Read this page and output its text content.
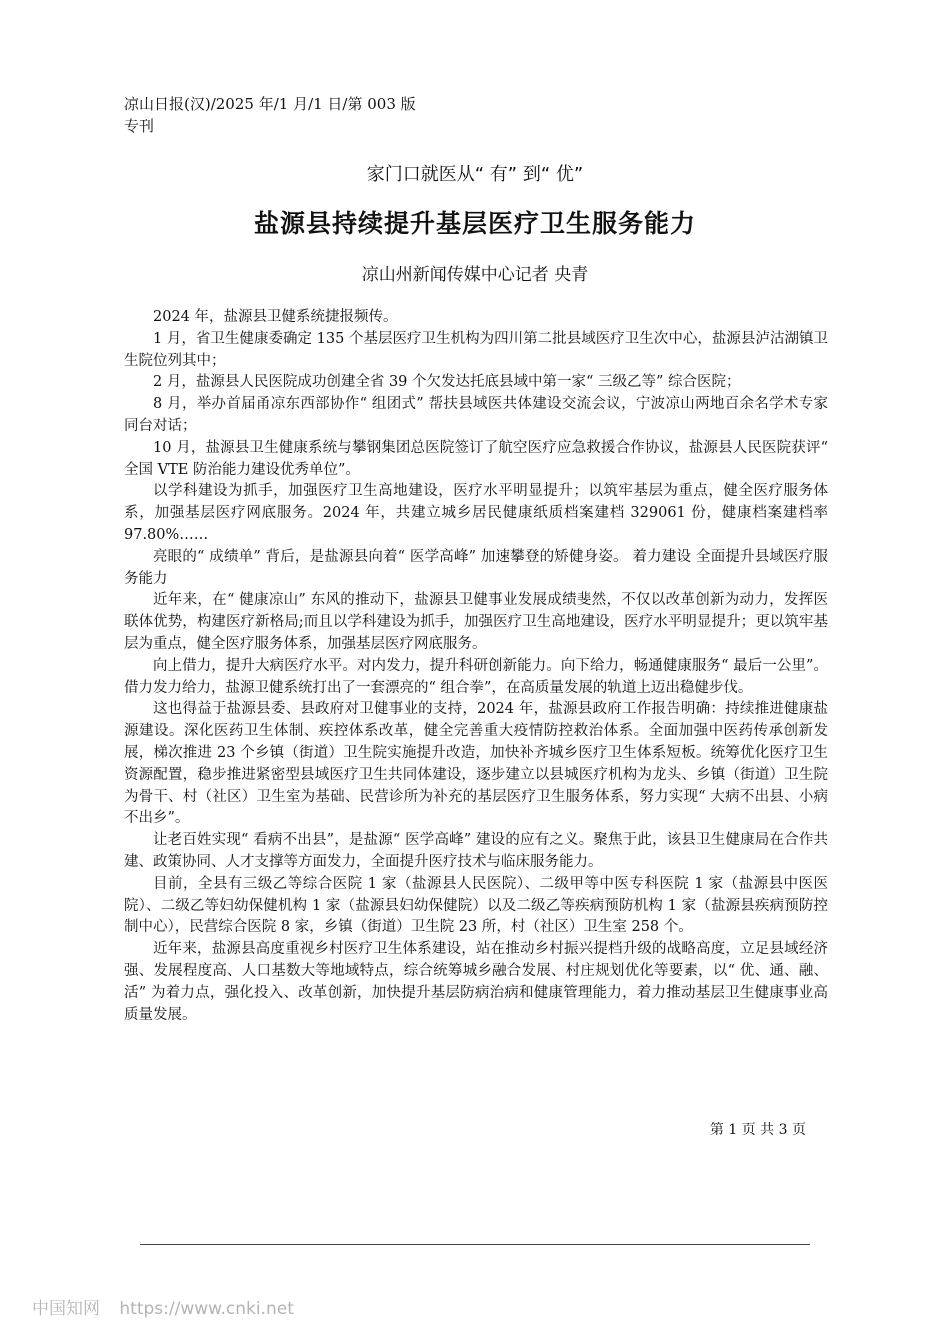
凉山日报(汉)/2025 年/1 月/1 日/第 003 版专刊
家门口就医从“ 有” 到“ 优”
盐源县持续提升基层医疗卫生服务能力
凉山州新闻传媒中心记者 央青

2024 年，盐源县卫健系统捷报频传。

1 月，省卫生健康委确定 135 个基层医疗卫生机构为四川第二批县域医疗卫生次中心，盐源县泸沽湖镇卫生院位列其中；

2 月，盐源县人民医院成功创建全省 39 个欠发达托底县域中第一家“ 三级乙等” 综合医院；

8 月，举办首届甬凉东西部协作“ 组团式” 帮扶县域医共体建设交流会议，宁波凉山两地百余名学术专家同台对话；

10 月，盐源县卫生健康系统与攀钢集团总医院签订了航空医疗应急救援合作协议，盐源县人民医院获评“ 全国 VTE 防治能力建设优秀单位”。

以学科建设为抓手，加强医疗卫生高地建设，医疗水平明显提升；以筑牢基层为重点，健全医疗服务体系，加强基层医疗网底服务。2024 年，共建立城乡居民健康纸质档案建档 329061 份，健康档案建档率 97.80%……

亮眼的“ 成绩单” 背后，是盐源县向着“ 医学高峰” 加速攀登的矫健身姿。 着力建设 全面提升县域医疗服务能力

近年来，在“ 健康凉山” 东风的推动下，盐源县卫健事业发展成绩斐然，不仅以改革创新为动力，发挥医联体优势，构建医疗新格局;而且以学科建设为抓手，加强医疗卫生高地建设，医疗水平明显提升；更以筑牢基层为重点，健全医疗服务体系，加强基层医疗网底服务。

向上借力，提升大病医疗水平。对内发力，提升科研创新能力。向下给力，畅通健康服务“ 最后一公里”。借力发力给力，盐源卫健系统打出了一套漂亮的“ 组合拳”，在高质量发展的轨道上迈出稳健步伐。

这也得益于盐源县委、县政府对卫健事业的支持，2024 年，盐源县政府工作报告明确：持续推进健康盐源建设。深化医药卫生体制、疾控体系改革，健全完善重大疫情防控救治体系。全面加强中医药传承创新发展，梯次推进 23 个乡镇（街道）卫生院实施提升改造，加快补齐城乡医疗卫生体系短板。统筹优化医疗卫生资源配置，稳步推进紧密型县域医疗卫生共同体建设，逐步建立以县城医疗机构为龙头、乡镇（街道）卫生院为骨干、村（社区）卫生室为基础、民营诊所为补充的基层医疗卫生服务体系，努力实现“ 大病不出县、小病不出乡”。

让老百姓实现“ 看病不出县”，是盐源“ 医学高峰” 建设的应有之义。聚焦于此，该县卫生健康局在合作共建、政策协同、人才支撑等方面发力，全面提升医疗技术与临床服务能力。

目前，全县有三级乙等综合医院 1 家（盐源县人民医院）、二级甲等中医专科医院 1 家（盐源县中医医院）、二级乙等妇幼保健机构 1 家（盐源县妇幼保健院）以及二级乙等疾病预防机构 1 家（盐源县疾病预防控制中心），民营综合医院 8 家，乡镇（街道）卫生院 23 所，村（社区）卫生室 258 个。

近年来，盐源县高度重视乡村医疗卫生体系建设，站在推动乡村振兴提档升级的战略高度，立足县域经济强、发展程度高、人口基数大等地域特点，综合统筹城乡融合发展、村庄规划优化等要素，以“ 优、通、融、活” 为着力点，强化投入、改革创新，加快提升基层防病治病和健康管理能力，着力推动基层卫生健康事业高质量发展。

第 1 页 共 3 页
中国知网 https://www.cnki.net
